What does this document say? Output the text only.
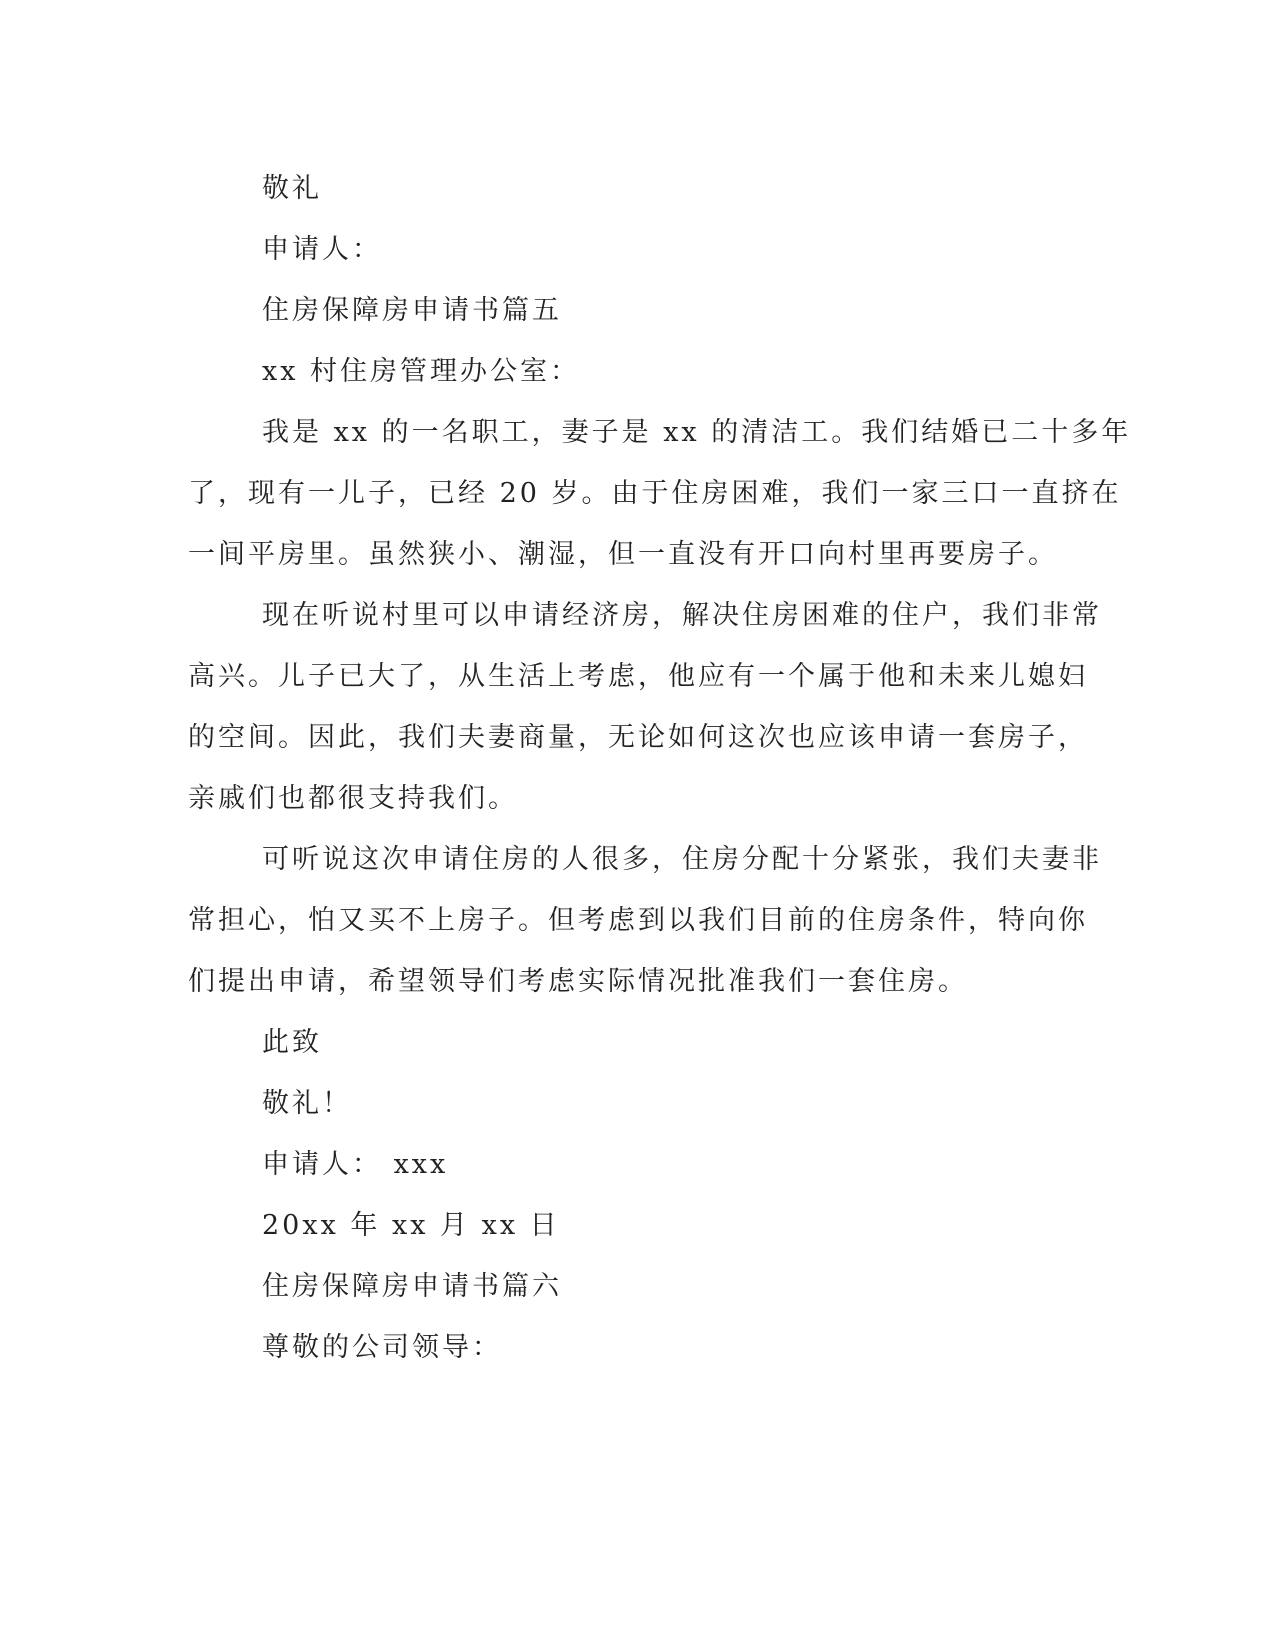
敬礼

申请人：

住房保障房申请书篇五

xx 村住房管理办公室：

我是 xx 的一名职工，妻子是 xx 的清洁工。我们结婚已二十多年
了，现有一儿子，已经 20 岁。由于住房困难，我们一家三口一直挤在
一间平房里。虽然狭小、潮湿，但一直没有开口向村里再要房子。

现在听说村里可以申请经济房，解决住房困难的住户，我们非常
高兴。儿子已大了，从生活上考虑，他应有一个属于他和未来儿媳妇
的空间。因此，我们夫妻商量，无论如何这次也应该申请一套房子，
亲戚们也都很支持我们。

可听说这次申请住房的人很多，住房分配十分紧张，我们夫妻非
常担心，怕又买不上房子。但考虑到以我们目前的住房条件，特向你
们提出申请，希望领导们考虑实际情况批准我们一套住房。

此致

敬礼！

申请人： xxx

20xx 年 xx 月 xx 日

住房保障房申请书篇六

尊敬的公司领导：
